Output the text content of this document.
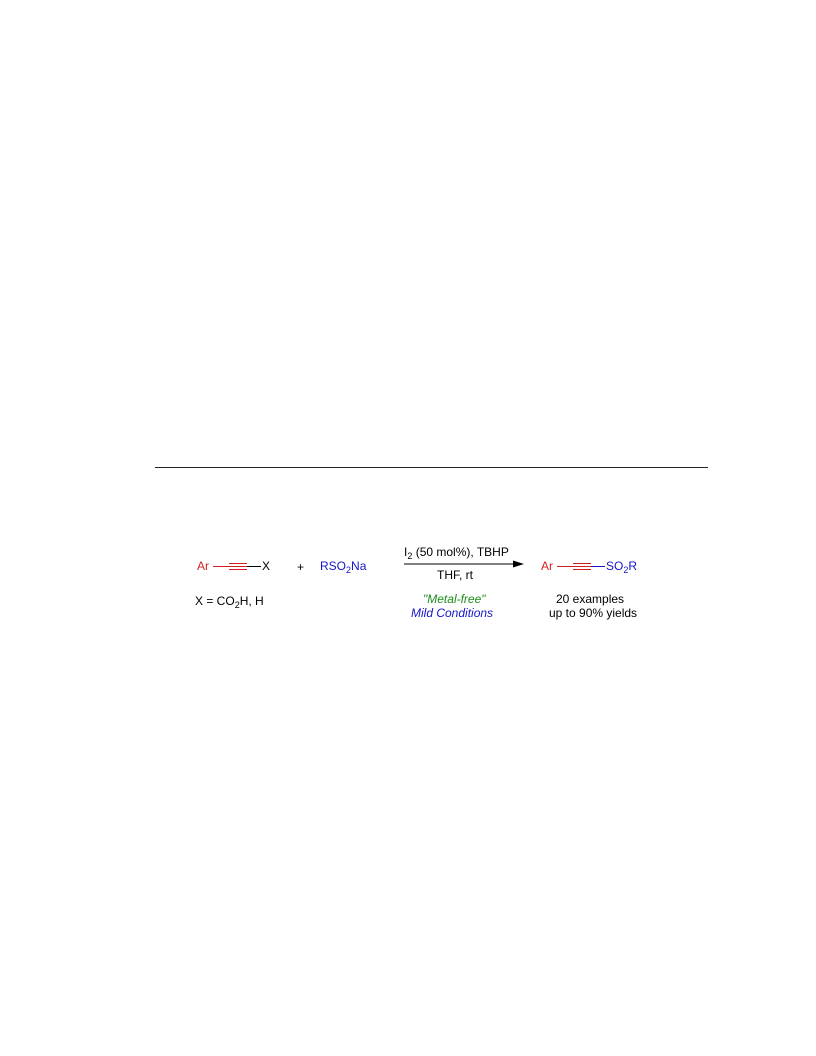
Ar	X
$X = CO_2H$, H
+ $RSO_2Na$
$I_2$ (50 mol%), TBHP
THF, rt
"Metal-free"
Mild Conditions
Ar	$SO_2R$
20 examples
up to 90% yields
